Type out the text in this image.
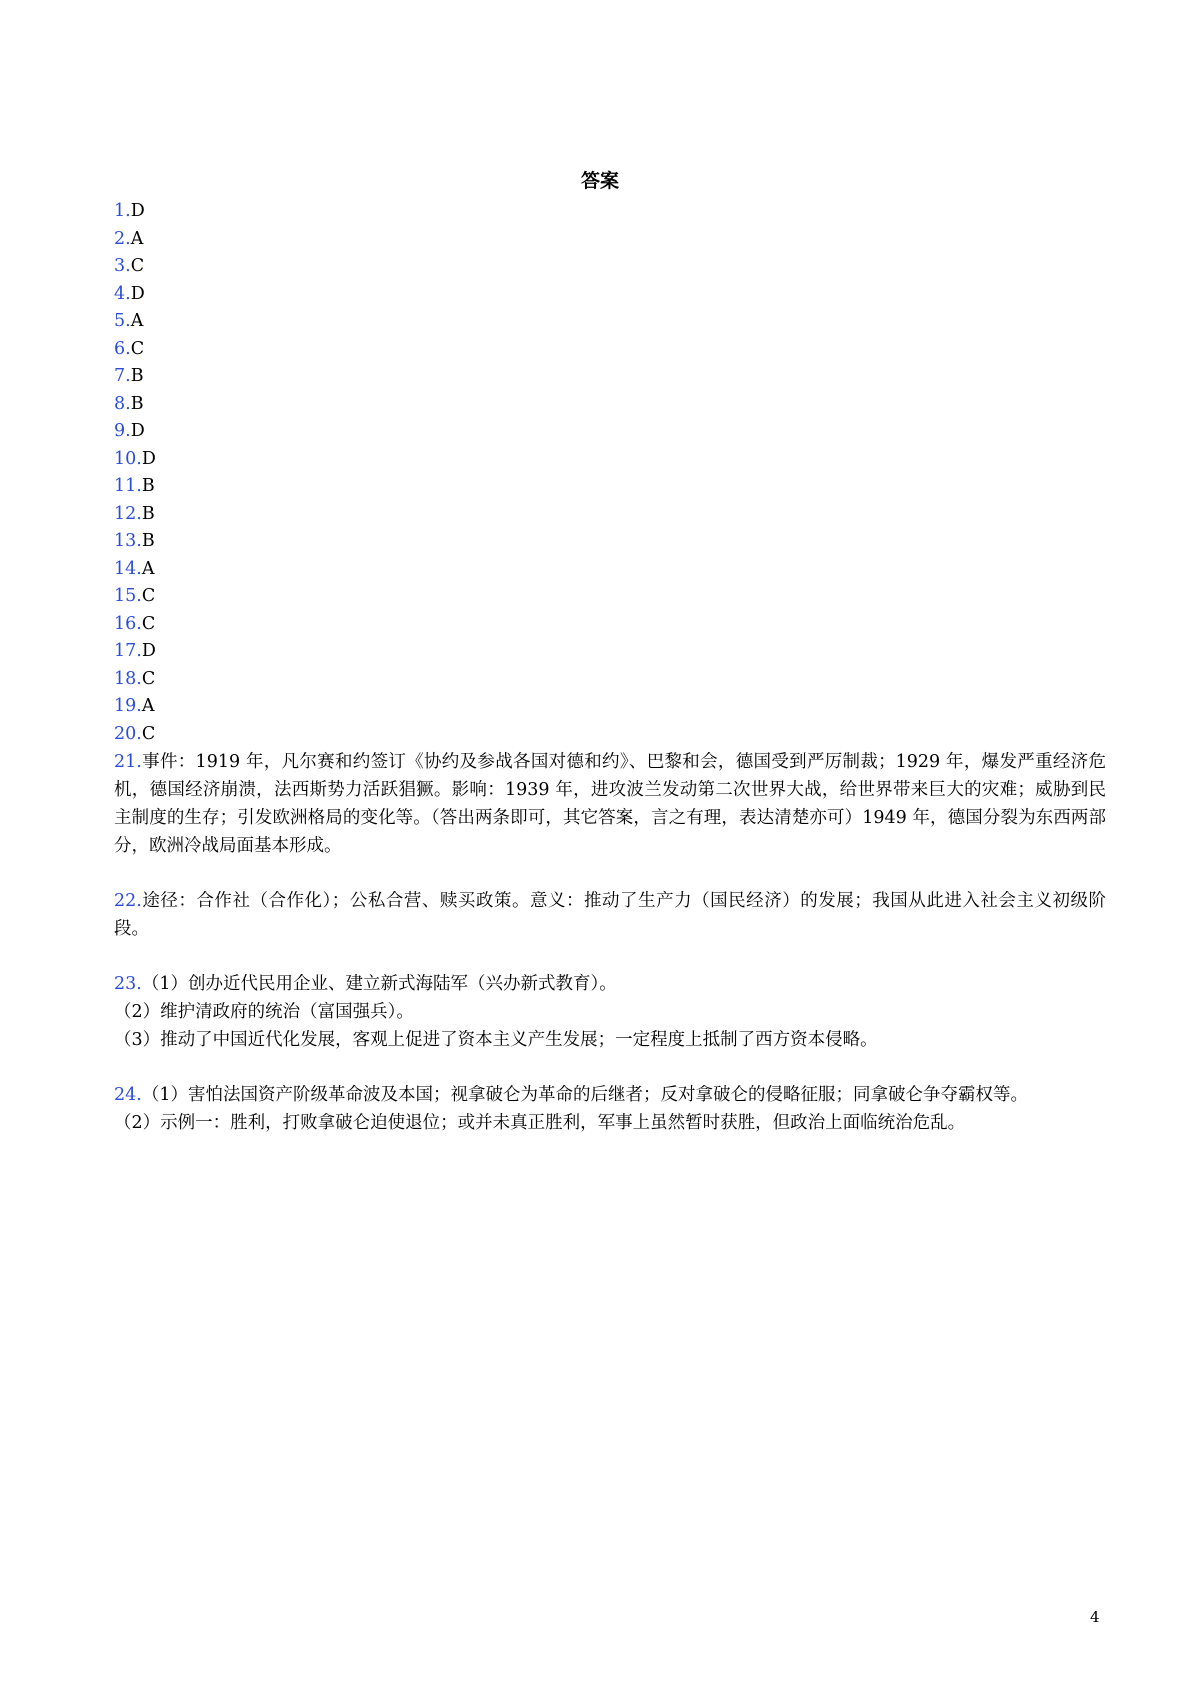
答案
1.D
2.A
3.C
4.D
5.A
6.C
7.B
8.B
9.D
10.D
11.B
12.B
13.B
14.A
15.C
16.C
17.D
18.C
19.A
20.C

21.事件：1919 年，凡尔赛和约签订《协约及参战各国对德和约》、巴黎和会，德国受到严厉制裁；1929 年，爆发严重经济危机，德国经济崩溃，法西斯势力活跃猖獗。影响：1939 年，进攻波兰发动第二次世界大战，给世界带来巨大的灾难；威胁到民主制度的生存；引发欧洲格局的变化等。（答出两条即可，其它答案，言之有理，表达清楚亦可）1949 年，德国分裂为东西两部分，欧洲冷战局面基本形成。

22.途径：合作社（合作化）；公私合营、赎买政策。意义：推动了生产力（国民经济）的发展；我国从此进入社会主义初级阶段。

23.（1）创办近代民用企业、建立新式海陆军（兴办新式教育）。

（2）维护清政府的统治（富国强兵）。

（3）推动了中国近代化发展，客观上促进了资本主义产生发展；一定程度上抵制了西方资本侵略。

24.（1）害怕法国资产阶级革命波及本国；视拿破仑为革命的后继者；反对拿破仑的侵略征服；同拿破仑争夺霸权等。

（2）示例一：胜利，打败拿破仑迫使退位；或并未真正胜利，军事上虽然暂时获胜，但政治上面临统治危乱。

4
